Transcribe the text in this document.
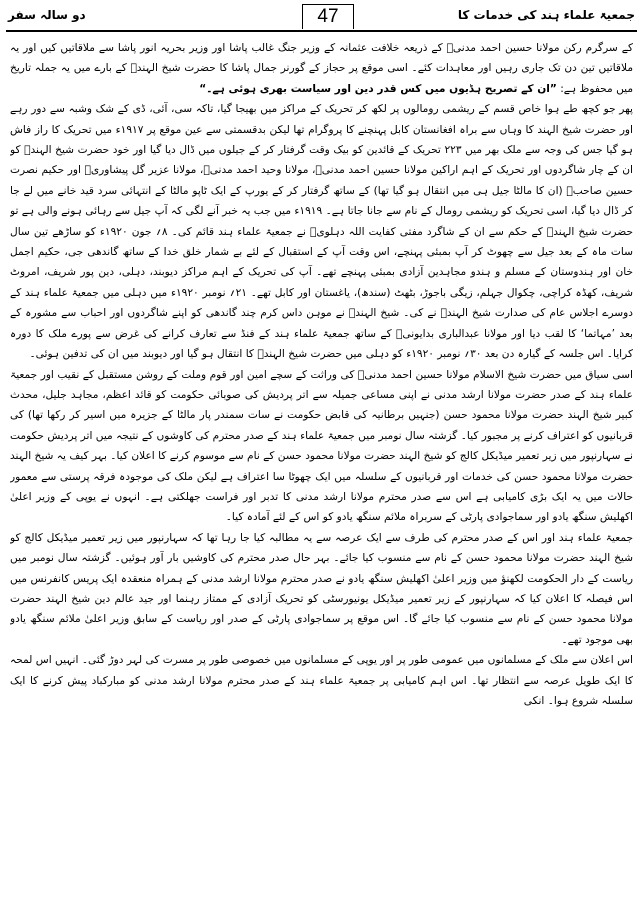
جمعیۃ علماء ہند کی خدمات کا
47
دو سالہ سفر

کے سرگرم رکن مولانا حسین احمد مدنیؒ کے ذریعہ خلافت عثمانہ کے وزیر جنگ غالب پاشا اور وزیر بحریہ انور پاشا سے ملاقاتیں کیں اور یہ ملاقاتیں تین دن تک جاری رہیں اور معاہدات کئے۔ اسی موقع پر حجاز کے گورنر جمال پاشا کا حضرت شیخ الہندؒ کے بارے میں یہ جملہ تاریخ میں محفوظ ہے: ”ان کے تصریح ہڈیوں میں کس قدر دین اور سیاست بھری ہوئی ہے۔“

پھر جو کچھ طے ہوا خاص قسم کے ریشمی رومالوں پر لکھ کر تحریک کے مراکز میں بھیجا گیا، تاکہ سی، آئی، ڈی کے شک وشبہ سے دور رہے اور حضرت شیخ الہند کا وہاں سے براہ افغانستان کابل پہنچنے کا پروگرام تھا لیکن بدقسمتی سے عین موقع پر ۱۹۱۷ء میں تحریک کا راز فاش ہو گیا جس کی وجہ سے ملک بھر میں ۲۲۳ تحریک کے قائدین کو بیک وقت گرفتار کر کے جیلوں میں ڈال دیا گیا اور خود حضرت شیخ الہندؒ کو ان کے چار شاگردوں اور تحریک کے اہم اراکین مولانا حسین احمد مدنیؒ، مولانا وحید احمد مدنیؒ، مولانا عزیر گل پیشاوریؒ اور حکیم نصرت حسین صاحبؒ (ان کا مالٹا جیل ہی میں انتقال ہو گیا تھا) کے ساتھ گرفتار کر کے یورپ کے ایک ٹاپو مالٹا کے انتہائی سرد قید خانے میں لے جا کر ڈال دیا گیا، اسی تحریک کو ریشمی رومال کے نام سے جانا جاتا ہے۔ ۱۹۱۹ء میں جب یہ خبر آنے لگی کہ آپ جیل سے رہائی ہونے والی ہے تو حضرت شیخ الہندؒ کے حکم سے ان کے شاگرد مفتی کفایت اللہ دہلویؒ نے جمعیۃ علماء ہند قائم کی۔ ۸؍ جون ۱۹۲۰ء کو ساڑھے تین سال سات ماہ کے بعد جیل سے چھوٹ کر آپ بمبئی پہنچے، اس وقت آپ کے استقبال کے لئے بے شمار خلق خدا کے ساتھ گاندھی جی، حکیم اجمل خان اور ہندوستان کے مسلم و ہندو مجاہدین آزادی بمبئی پہنچے تھے۔ آپ کی تحریک کے اہم مراکز دیوبند، دہلی، دین پور شریف، امروٹ شریف، کھڈہ کراچی، چکوال جہلم، زیگی باجوڑ، بٹھٹ (سندھ)، یاغستان اور کابل تھے۔ ۲۱؍ نومبر ۱۹۲۰ء میں دہلی میں جمعیۃ علماء ہند کے دوسرے اجلاس عام کی صدارت شیخ الہندؒ نے کی۔ شیخ الہندؒ نے موہن داس کرم چند گاندھی کو اپنے شاگردوں اور احباب سے مشورہ کے بعد ’مہاتما‘ کا لقب دیا اور مولانا عبدالباری بدایونیؒ کے ساتھ جمعیۃ علماء ہند کے فنڈ سے تعارف کرانے کی غرض سے پورے ملک کا دورہ کرایا۔ اس جلسہ کے گیارہ دن بعد ۳۰؍ نومبر ۱۹۲۰ء کو دہلی میں حضرت شیخ الہندؒ کا انتقال ہو گیا اور دیوبند میں ان کی تدفین ہوئی۔

اسی سیاق میں حضرت شیخ الاسلام مولانا حسین احمد مدنیؒ کی وراثت کے سچے امین اور قوم وملت کے روشن مستقبل کے نقیب اور جمعیۃ علماء ہند کے صدر حضرت مولانا ارشد مدنی نے اپنی مساعی جمیلہ سے اتر پردیش کی صوبائی حکومت کو قائد اعظم، مجاہد جلیل، محدث کبیر شیخ الہند حضرت مولانا محمود حسن (جنہیں برطانیہ کی قابض حکومت نے سات سمندر پار مالٹا کے جزیرہ میں اسیر کر رکھا تھا) کی قربانیوں کو اعتراف کرنے پر مجبور کیا۔ گزشتہ سال نومبر میں جمعیۃ علماء ہند کے صدر محترم کی کاوشوں کے نتیجہ میں اتر پردیش حکومت نے سہارنپور میں زیر تعمیر میڈیکل کالج کو شیخ الہند حضرت مولانا محمود حسن کے نام سے موسوم کرنے کا اعلان کیا۔ بہر کیف یہ شیخ الہند حضرت مولانا محمود حسن کی خدمات اور قربانیوں کے سلسلہ میں ایک چھوٹا سا اعتراف ہے لیکن ملک کی موجودہ فرقہ پرستی سے معمور حالات میں یہ ایک بڑی کامیابی ہے اس سے صدر محترم مولانا ارشد مدنی کا تدبر اور فراست جھلکتی ہے۔ انہوں نے یوپی کے وزیر اعلیٰ اکھلیش سنگھ یادو اور سماجوادی پارٹی کے سربراہ ملائم سنگھ یادو کو اس کے لئے آمادہ کیا۔

جمعیۃ علماء ہند اور اس کے صدر محترم کی طرف سے ایک عرصہ سے یہ مطالبہ کیا جا رہا تھا کہ سہارنپور میں زیر تعمیر میڈیکل کالج کو شیخ الہند حضرت مولانا محمود حسن کے نام سے منسوب کیا جائے۔ بہر حال صدر محترم کی کاوشیں بار آور ہوئیں۔ گزشتہ سال نومبر میں ریاست کے دار الحکومت لکھنؤ میں وزیر اعلیٰ اکھلیش سنگھ یادو نے صدر محترم مولانا ارشد مدنی کے ہمراہ منعقدہ ایک پریس کانفرنس میں اس فیصلہ کا اعلان کیا کہ سہارنپور کے زیر تعمیر میڈیکل یونیورسٹی کو تحریک آزادی کے ممتاز رہنما اور جید عالم دین شیخ الہند حضرت مولانا محمود حسن کے نام سے منسوب کیا جائے گا۔ اس موقع پر سماجوادی پارٹی کے صدر اور ریاست کے سابق وزیر اعلیٰ ملائم سنگھ یادو بھی موجود تھے۔

اس اعلان سے ملک کے مسلمانوں میں عمومی طور پر اور یوپی کے مسلمانوں میں خصوصی طور پر مسرت کی لہر دوڑ گئی۔ انہیں اس لمحہ کا ایک طویل عرصہ سے انتظار تھا۔ اس اہم کامیابی پر جمعیۃ علماء ہند کے صدر محترم مولانا ارشد مدنی کو مبارکباد پیش کرنے کا ایک سلسلہ شروع ہوا۔ انکی
